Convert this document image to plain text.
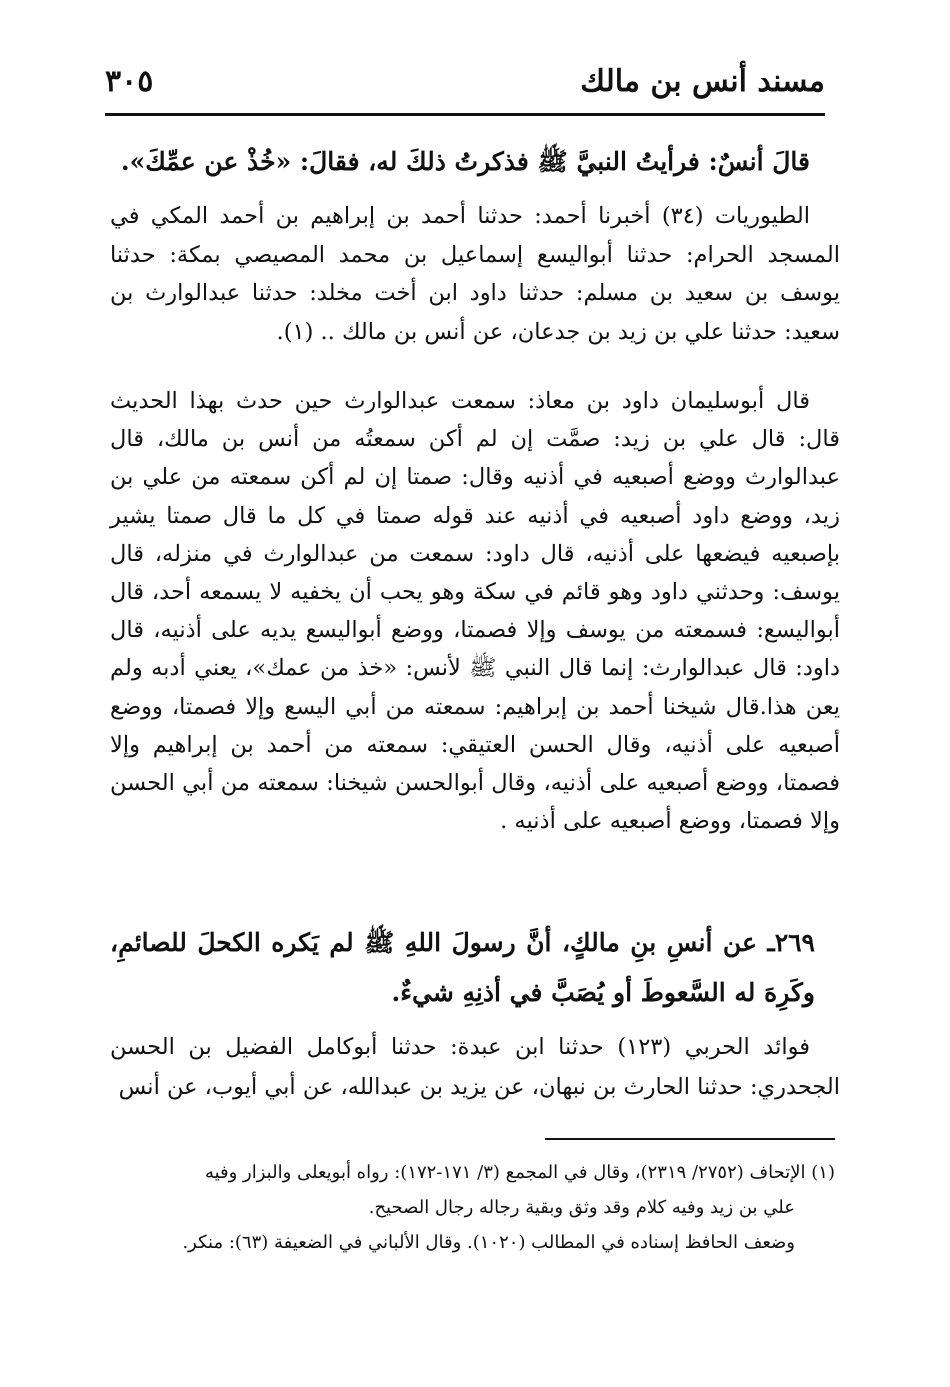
مسند أنس بن مالك
٣٠٥
قالَ أنسٌ: فرأيتُ النبيَّ ﷺ فذكرتُ ذلكَ له، فقالَ: «خُذْ عن عمِّكَ».
الطيوريات (٣٤) أخبرنا أحمد: حدثنا أحمد بن إبراهيم بن أحمد المكي في المسجد الحرام: حدثنا أبواليسع إسماعيل بن محمد المصيصي بمكة: حدثنا يوسف بن سعيد بن مسلم: حدثنا داود ابن أخت مخلد: حدثنا عبدالوارث بن سعيد: حدثنا علي بن زيد بن جدعان، عن أنس بن مالك .. (١).
قال أبوسليمان داود بن معاذ: سمعت عبدالوارث حين حدث بهذا الحديث قال: قال علي بن زيد: صمَّت إن لم أكن سمعتُه من أنس بن مالك، قال عبدالوارث ووضع أصبعيه في أذنيه وقال: صمتا إن لم أكن سمعته من علي بن زيد، ووضع داود أصبعيه في أذنيه عند قوله صمتا في كل ما قال صمتا يشير بإصبعيه فيضعها على أذنيه، قال داود: سمعت من عبدالوارث في منزله، قال يوسف: وحدثني داود وهو قائم في سكة وهو يحب أن يخفيه لا يسمعه أحد، قال أبواليسع: فسمعته من يوسف وإلا فصمتا، ووضع أبواليسع يديه على أذنيه، قال داود: قال عبدالوارث: إنما قال النبي ﷺ لأنس: «خذ من عمك»، يعني أدبه ولم يعن هذا.قال شيخنا أحمد بن إبراهيم: سمعته من أبي اليسع وإلا فصمتا، ووضع أصبعيه على أذنيه، وقال الحسن العتيقي: سمعته من أحمد بن إبراهيم وإلا فصمتا، ووضع أصبعيه على أذنيه، وقال أبوالحسن شيخنا: سمعته من أبي الحسن وإلا فصمتا، ووضع أصبعيه على أذنيه .
٢٦٩ـ عن أنسِ بنِ مالكٍ، أنَّ رسولَ اللهِ ﷺ لم يَكره الكحلَ للصائمِ، وكَرِهَ له السَّعوطَ أو يُصَبَّ في أذنِهِ شيءٌ.
فوائد الحربي (١٢٣) حدثنا ابن عبدة: حدثنا أبوكامل الفضيل بن الحسن الجحدري: حدثنا الحارث بن نبهان، عن يزيد بن عبدالله، عن أبي أيوب، عن أنس
(١) الإتحاف (٢٧٥٢/ ٢٣١٩)، وقال في المجمع (٣/ ١٧١-١٧٢): رواه أبويعلى والبزار وفيه
علي بن زيد وفيه كلام وقد وثق وبقية رجاله رجال الصحيح.
وضعف الحافظ إسناده في المطالب (١٠٢٠). وقال الألباني في الضعيفة (٦٣): منكر.
